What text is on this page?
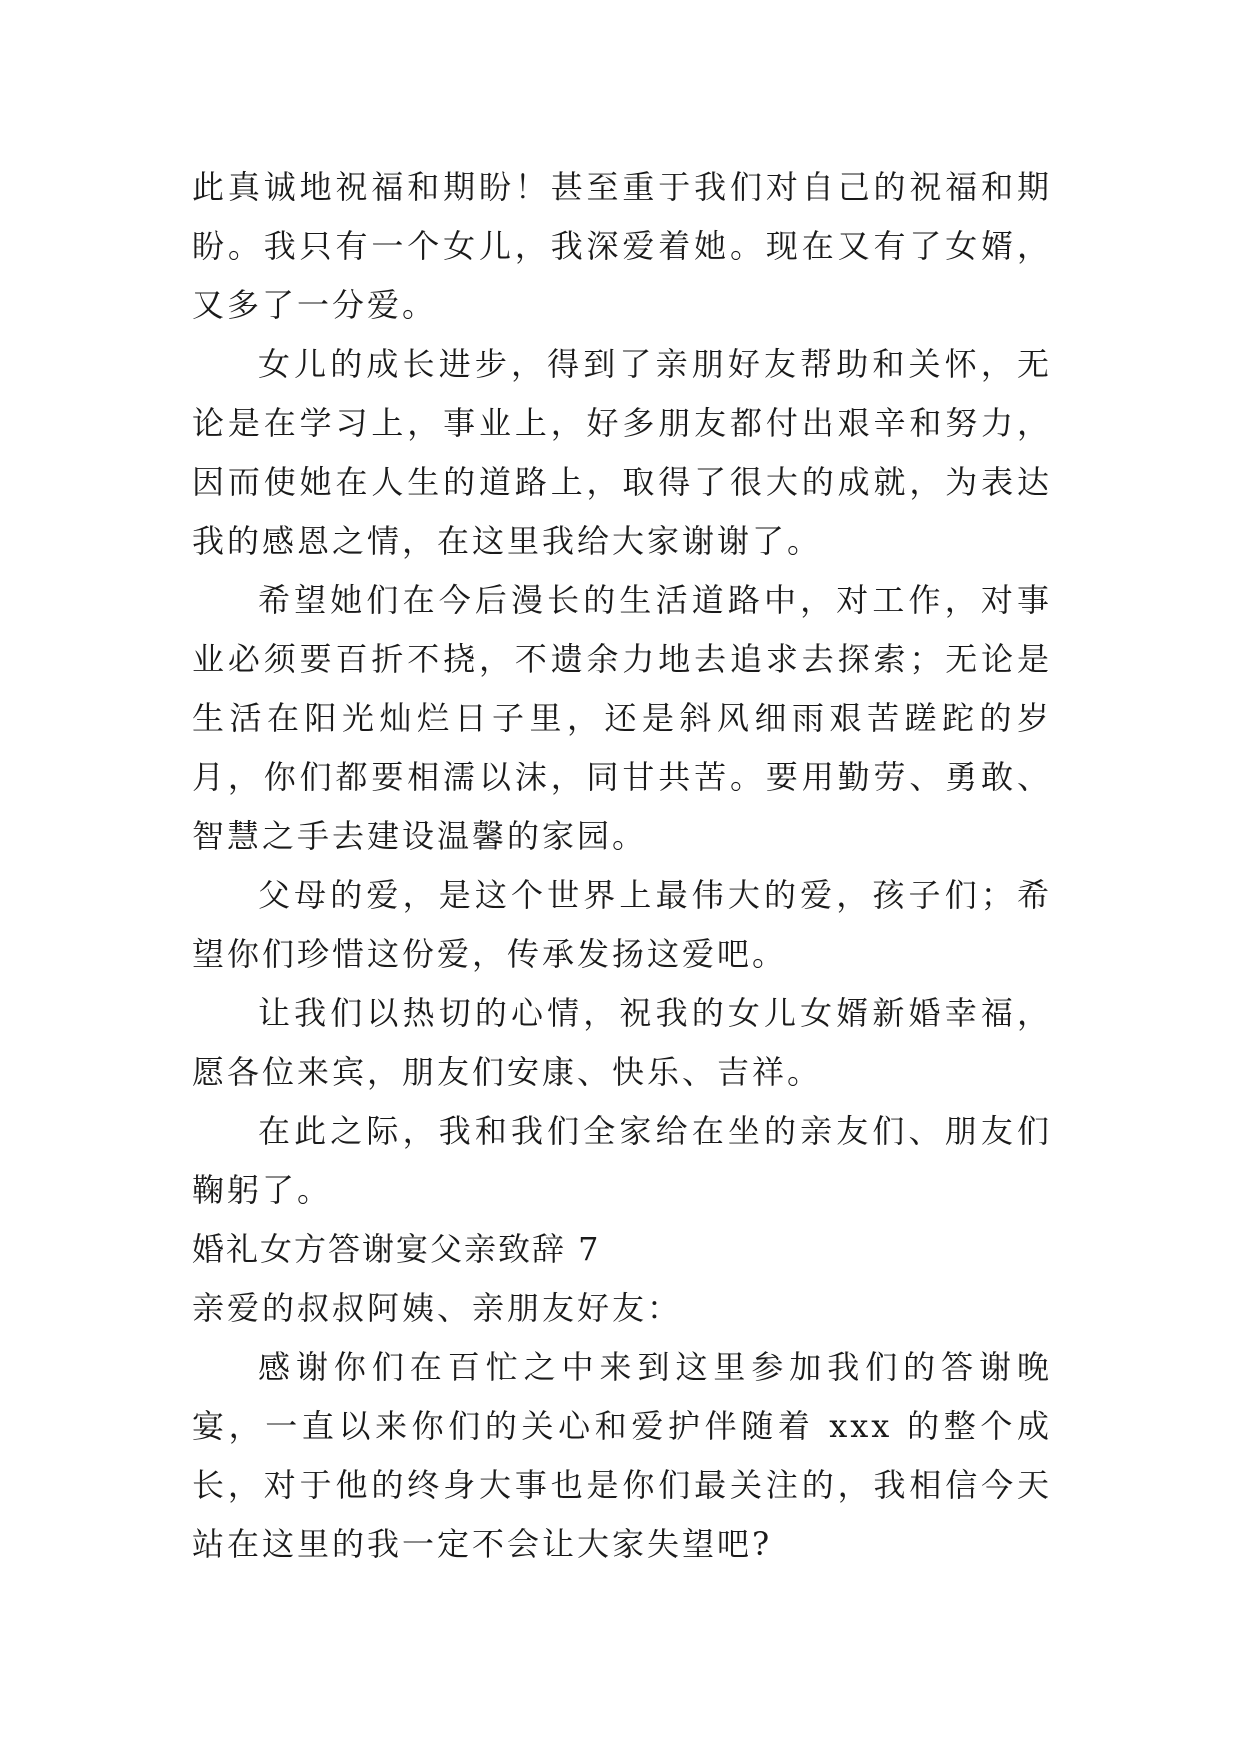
此真诚地祝福和期盼！甚至重于我们对自己的祝福和期盼。我只有一个女儿，我深爱着她。现在又有了女婿，又多了一分爱。

女儿的成长进步，得到了亲朋好友帮助和关怀，无论是在学习上，事业上，好多朋友都付出艰辛和努力，因而使她在人生的道路上，取得了很大的成就，为表达我的感恩之情，在这里我给大家谢谢了。

希望她们在今后漫长的生活道路中，对工作，对事业必须要百折不挠，不遗余力地去追求去探索；无论是生活在阳光灿烂日子里，还是斜风细雨艰苦蹉跎的岁月，你们都要相濡以沫，同甘共苦。要用勤劳、勇敢、智慧之手去建设温馨的家园。

父母的爱，是这个世界上最伟大的爱，孩子们；希望你们珍惜这份爱，传承发扬这爱吧。

让我们以热切的心情，祝我的女儿女婿新婚幸福，愿各位来宾，朋友们安康、快乐、吉祥。

在此之际，我和我们全家给在坐的亲友们、朋友们鞠躬了。

婚礼女方答谢宴父亲致辞 7

亲爱的叔叔阿姨、亲朋友好友：

感谢你们在百忙之中来到这里参加我们的答谢晚宴，一直以来你们的关心和爱护伴随着 xxx 的整个成长，对于他的终身大事也是你们最关注的，我相信今天站在这里的我一定不会让大家失望吧?
